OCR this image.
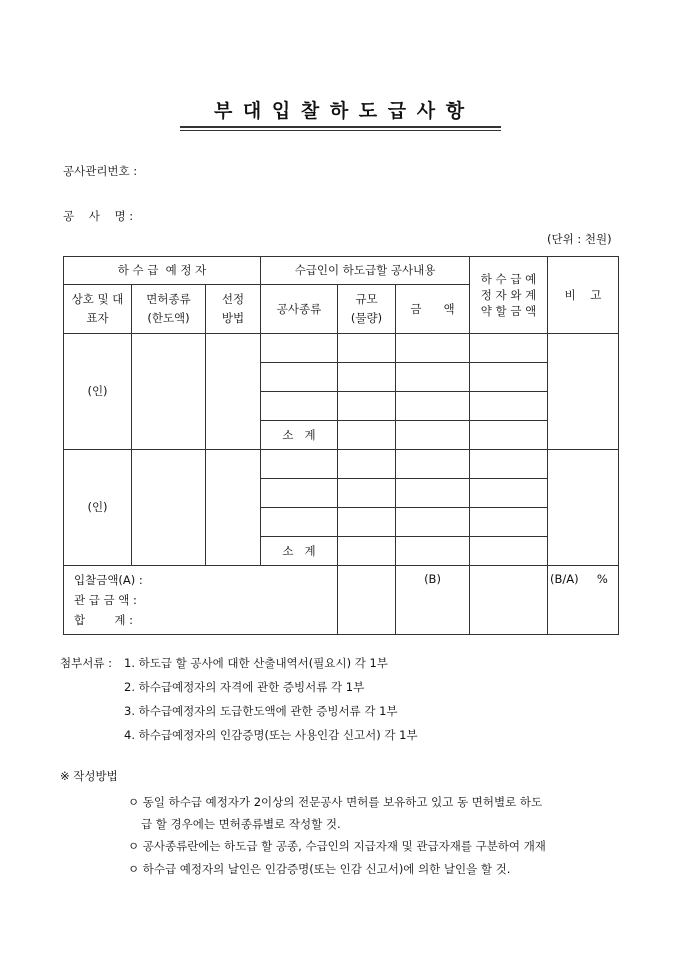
부 대 입 찰 하 도 급 사 항
공사관리번호 :
공    사    명 :
(단위 : 천원)
하 수 급  예 정 자			수급인이 하도급할 공사내용			하 수 급 예 정 자 와 계 약 할 금 액	비    고
상호 및 대표자	면허종류 (한도액)	선정 방법	공사종류	규모 (물량)	금      액		
(인)							

			소   계				
(인)							

			소   계				

입찰금액(A) :
관 급 금 액 :
합        계 :					(B)		(B/A)     %
첨부서류 : 1. 하도급 할 공사에 대한 산출내역서(필요시) 각 1부
2. 하수급예정자의 자격에 관한 증빙서류 각 1부
3. 하수급예정자의 도급한도액에 관한 증빙서류 각 1부
4. 하수급예정자의 인감증명(또는 사용인감 신고서) 각 1부
※ 작성방법
ㅇ 동일 하수급 예정자가 2이상의 전문공사 면허를 보유하고 있고 동 면허별로 하도
급 할 경우에는 면허종류별로 작성할 것.
ㅇ 공사종류란에는 하도급 할 공종, 수급인의 지급자재 및 관급자재를 구분하여 개재
ㅇ 하수급 예정자의 날인은 인감증명(또는 인감 신고서)에 의한 날인을 할 것.
